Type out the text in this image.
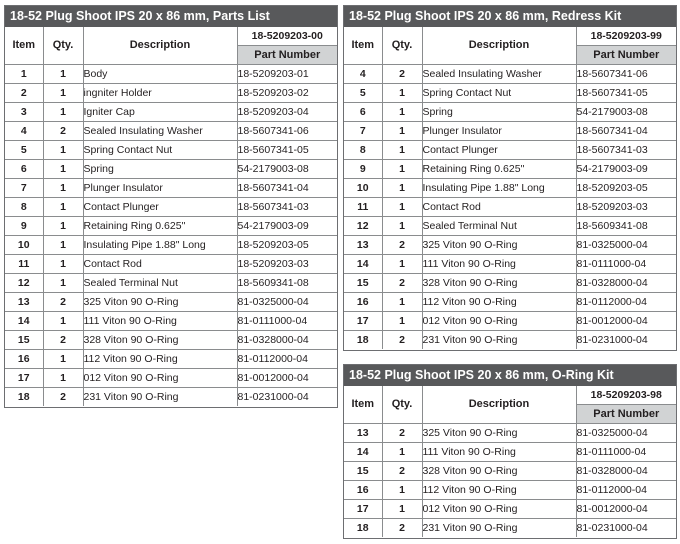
18-52 Plug Shoot IPS 20 x 86 mm, Parts List
Item	Qty.	Description	18-5209203-00
			Part Number
1	1	Body	18-5209203-01
2	1	ingniter Holder	18-5209203-02
3	1	Igniter Cap	18-5209203-04
4	2	Sealed Insulating Washer	18-5607341-06
5	1	Spring Contact Nut	18-5607341-05
6	1	Spring	54-2179003-08
7	1	Plunger Insulator	18-5607341-04
8	1	Contact Plunger	18-5607341-03
9	1	Retaining Ring 0.625"	54-2179003-09
10	1	Insulating Pipe 1.88" Long	18-5209203-05
11	1	Contact Rod	18-5209203-03
12	1	Sealed Terminal Nut	18-5609341-08
13	2	325 Viton 90 O-Ring	81-0325000-04
14	1	111 Viton 90 O-Ring	81-0111000-04
15	2	328 Viton 90 O-Ring	81-0328000-04
16	1	112 Viton 90 O-Ring	81-0112000-04
17	1	012 Viton 90 O-Ring	81-0012000-04
18	2	231 Viton 90 O-Ring	81-0231000-04
18-52 Plug Shoot IPS 20 x 86 mm, Redress Kit
Item	Qty.	Description	18-5209203-99
			Part Number
4	2	Sealed Insulating Washer	18-5607341-06
5	1	Spring Contact Nut	18-5607341-05
6	1	Spring	54-2179003-08
7	1	Plunger Insulator	18-5607341-04
8	1	Contact Plunger	18-5607341-03
9	1	Retaining Ring 0.625"	54-2179003-09
10	1	Insulating Pipe 1.88" Long	18-5209203-05
11	1	Contact Rod	18-5209203-03
12	1	Sealed Terminal Nut	18-5609341-08
13	2	325 Viton 90 O-Ring	81-0325000-04
14	1	111 Viton 90 O-Ring	81-0111000-04
15	2	328 Viton 90 O-Ring	81-0328000-04
16	1	112 Viton 90 O-Ring	81-0112000-04
17	1	012 Viton 90 O-Ring	81-0012000-04
18	2	231 Viton 90 O-Ring	81-0231000-04
18-52 Plug Shoot IPS 20 x 86 mm, O-Ring Kit
Item	Qty.	Description	18-5209203-98
			Part Number
13	2	325 Viton 90 O-Ring	81-0325000-04
14	1	111 Viton 90 O-Ring	81-0111000-04
15	2	328 Viton 90 O-Ring	81-0328000-04
16	1	112 Viton 90 O-Ring	81-0112000-04
17	1	012 Viton 90 O-Ring	81-0012000-04
18	2	231 Viton 90 O-Ring	81-0231000-04
